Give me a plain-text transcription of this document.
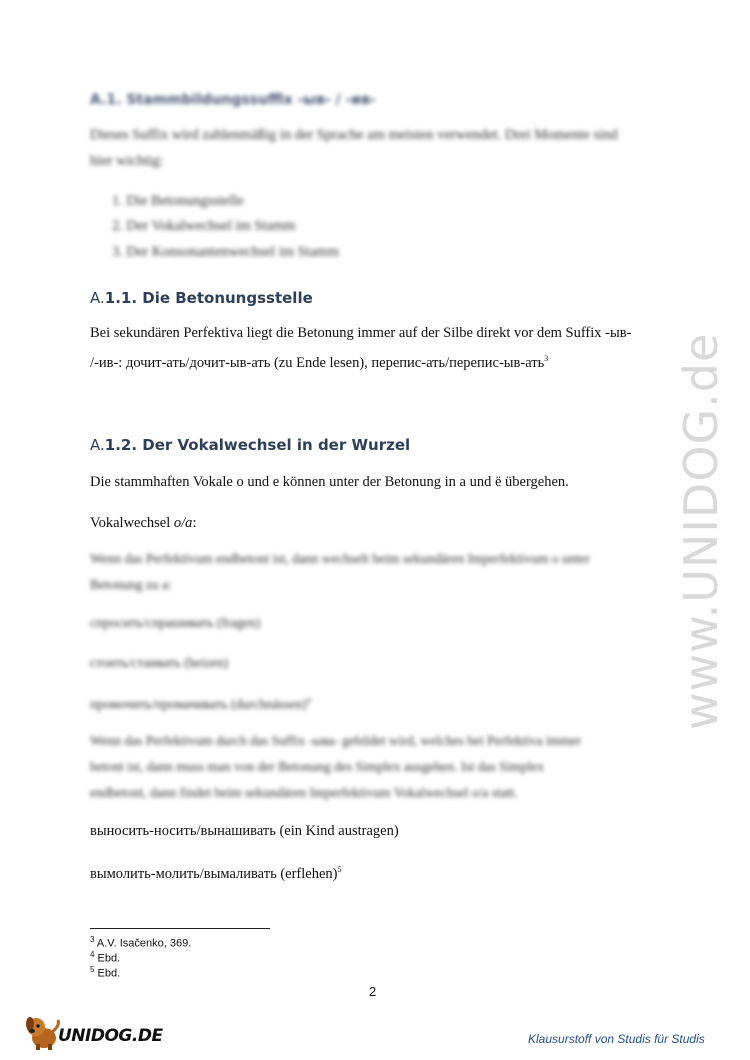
A.1. Stammbildungssuffix -ыв- / -ив-
Dieses Suffix wird zahlenmäßig in der Sprache am meisten verwendet. Drei Momente sind
hier wichtig:
1. Die Betonungsstelle
2. Der Vokalwechsel im Stamm
3. Der Konsonantenwechsel im Stamm
A.1.1. Die Betonungsstelle
Bei sekundären Perfektiva liegt die Betonung immer auf der Silbe direkt vor dem Suffix -ыв-
/-ив-: дочит-ать/дочит-ыв-ать (zu Ende lesen), перепис-ать/перепис-ыв-ать$^3$
A.1.2. Der Vokalwechsel in der Wurzel
Die stammhaften Vokale o und e können unter der Betonung in a und ë übergehen.
Vokalwechsel o/a:
Wenn das Perfektivum endbetont ist, dann wechselt beim sekundären Imperfektivum o unter
Betonung zu a:
спросить/спрашивать (fragen)
стоить/стаивать (heizen)
промочить/промачивать (durchnässen)$^4$
Wenn das Perfektivum durch das Suffix -ыва- gebildet wird, welches bei Perfektiva immer
betont ist, dann muss man von der Betonung des Simplex ausgehen. Ist das Simplex
endbetont, dann findet beim sekundären Imperfektivum Vokalwechsel o/a statt.
выносить-носить/вынашивать (ein Kind austragen)
вымолить-молить/вымаливать (erflehen)$^5$
$^3$ A.V. Isačenko, 369.
$^4$ Ebd.
$^5$ Ebd.
2
www.UNIDOG.de
UNIDOG.DE	Klausurstoff von Studis für Studis
